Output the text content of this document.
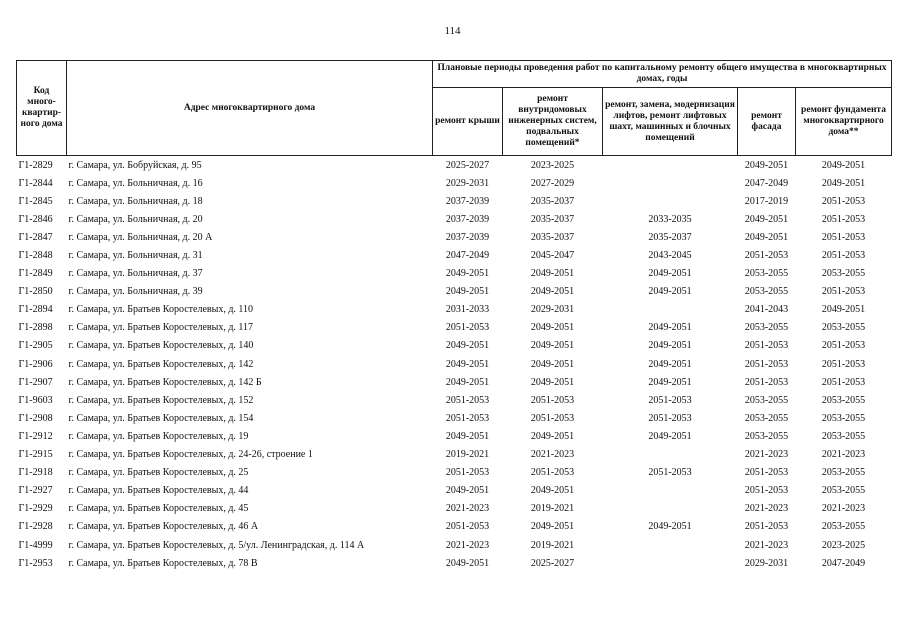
114
Код много-квартир-ного дома	Адрес многоквартирного дома	Плановые периоды проведения работ по капитальному ремонту общего имущества в многоквартирных домах, годы				
		ремонт крыши	ремонт внутридомовых инженерных систем, подвальных помещений*	ремонт, замена, модернизация лифтов, ремонт лифтовых шахт, машинных и блочных помещений	ремонт фасада	ремонт фундамента многоквартирного дома**
Г1-2829	г. Самара, ул. Бобруйская, д. 95	2025-2027	2023-2025		2049-2051	2049-2051
Г1-2844	г. Самара, ул. Больничная, д. 16	2029-2031	2027-2029		2047-2049	2049-2051
Г1-2845	г. Самара, ул. Больничная, д. 18	2037-2039	2035-2037		2017-2019	2051-2053
Г1-2846	г. Самара, ул. Больничная, д. 20	2037-2039	2035-2037	2033-2035	2049-2051	2051-2053
Г1-2847	г. Самара, ул. Больничная, д. 20 А	2037-2039	2035-2037	2035-2037	2049-2051	2051-2053
Г1-2848	г. Самара, ул. Больничная, д. 31	2047-2049	2045-2047	2043-2045	2051-2053	2051-2053
Г1-2849	г. Самара, ул. Больничная, д. 37	2049-2051	2049-2051	2049-2051	2053-2055	2053-2055
Г1-2850	г. Самара, ул. Больничная, д. 39	2049-2051	2049-2051	2049-2051	2053-2055	2051-2053
Г1-2894	г. Самара, ул. Братьев Коростелевых, д. 110	2031-2033	2029-2031		2041-2043	2049-2051
Г1-2898	г. Самара, ул. Братьев Коростелевых, д. 117	2051-2053	2049-2051	2049-2051	2053-2055	2053-2055
Г1-2905	г. Самара, ул. Братьев Коростелевых, д. 140	2049-2051	2049-2051	2049-2051	2051-2053	2051-2053
Г1-2906	г. Самара, ул. Братьев Коростелевых, д. 142	2049-2051	2049-2051	2049-2051	2051-2053	2051-2053
Г1-2907	г. Самара, ул. Братьев Коростелевых, д. 142 Б	2049-2051	2049-2051	2049-2051	2051-2053	2051-2053
Г1-9603	г. Самара, ул. Братьев Коростелевых, д. 152	2051-2053	2051-2053	2051-2053	2053-2055	2053-2055
Г1-2908	г. Самара, ул. Братьев Коростелевых, д. 154	2051-2053	2051-2053	2051-2053	2053-2055	2053-2055
Г1-2912	г. Самара, ул. Братьев Коростелевых, д. 19	2049-2051	2049-2051	2049-2051	2053-2055	2053-2055
Г1-2915	г. Самара, ул. Братьев Коростелевых, д. 24-26, строение 1	2019-2021	2021-2023		2021-2023	2021-2023
Г1-2918	г. Самара, ул. Братьев Коростелевых, д. 25	2051-2053	2051-2053	2051-2053	2051-2053	2053-2055
Г1-2927	г. Самара, ул. Братьев Коростелевых, д. 44	2049-2051	2049-2051		2051-2053	2053-2055
Г1-2929	г. Самара, ул. Братьев Коростелевых, д. 45	2021-2023	2019-2021		2021-2023	2021-2023
Г1-2928	г. Самара, ул. Братьев Коростелевых, д. 46 А	2051-2053	2049-2051	2049-2051	2051-2053	2053-2055
Г1-4999	г. Самара, ул. Братьев Коростелевых, д. 5/ул. Ленинградская, д. 114 А	2021-2023	2019-2021		2021-2023	2023-2025
Г1-2953	г. Самара, ул. Братьев Коростелевых, д. 78 В	2049-2051	2025-2027		2029-2031	2047-2049
